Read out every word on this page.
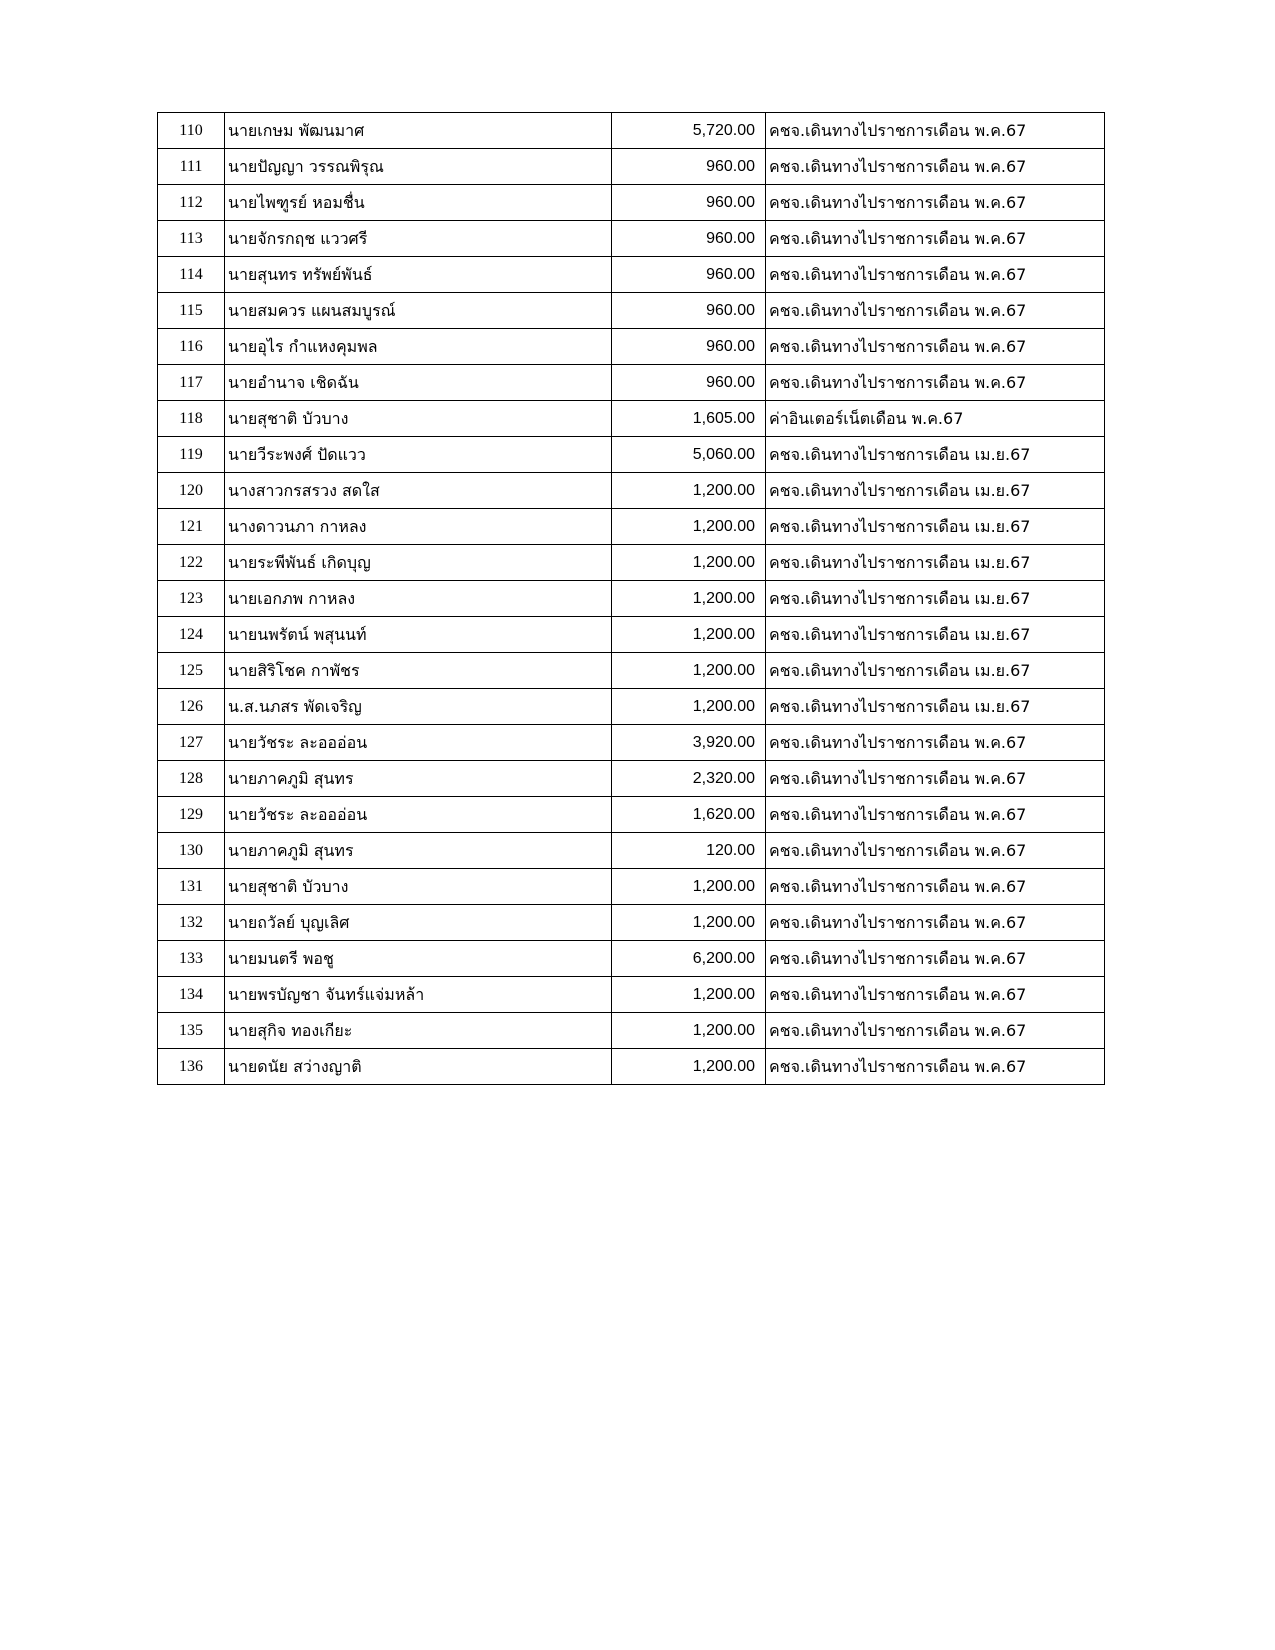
110	นายเกษม พัฒนมาศ	5,720.00	คชจ.เดินทางไปราชการเดือน พ.ค.67
111	นายปัญญา วรรณพิรุณ	960.00	คชจ.เดินทางไปราชการเดือน พ.ค.67
112	นายไพฑูรย์ หอมชื่น	960.00	คชจ.เดินทางไปราชการเดือน พ.ค.67
113	นายจักรกฤช แววศรี	960.00	คชจ.เดินทางไปราชการเดือน พ.ค.67
114	นายสุนทร ทรัพย์พันธ์	960.00	คชจ.เดินทางไปราชการเดือน พ.ค.67
115	นายสมควร แผนสมบูรณ์	960.00	คชจ.เดินทางไปราชการเดือน พ.ค.67
116	นายอุไร กำแหงคุมพล	960.00	คชจ.เดินทางไปราชการเดือน พ.ค.67
117	นายอำนาจ เชิดฉัน	960.00	คชจ.เดินทางไปราชการเดือน พ.ค.67
118	นายสุชาติ บัวบาง	1,605.00	ค่าอินเตอร์เน็ตเดือน พ.ค.67
119	นายวีระพงศ์ ปัดแวว	5,060.00	คชจ.เดินทางไปราชการเดือน เม.ย.67
120	นางสาวกรสรวง สดใส	1,200.00	คชจ.เดินทางไปราชการเดือน เม.ย.67
121	นางดาวนภา กาหลง	1,200.00	คชจ.เดินทางไปราชการเดือน เม.ย.67
122	นายระพีพันธ์ เกิดบุญ	1,200.00	คชจ.เดินทางไปราชการเดือน เม.ย.67
123	นายเอกภพ กาหลง	1,200.00	คชจ.เดินทางไปราชการเดือน เม.ย.67
124	นายนพรัตน์ พสุนนท์	1,200.00	คชจ.เดินทางไปราชการเดือน เม.ย.67
125	นายสิริโชค กาพัชร	1,200.00	คชจ.เดินทางไปราชการเดือน เม.ย.67
126	น.ส.นภสร พัดเจริญ	1,200.00	คชจ.เดินทางไปราชการเดือน เม.ย.67
127	นายวัชระ ละอออ่อน	3,920.00	คชจ.เดินทางไปราชการเดือน พ.ค.67
128	นายภาคภูมิ สุนทร	2,320.00	คชจ.เดินทางไปราชการเดือน พ.ค.67
129	นายวัชระ ละอออ่อน	1,620.00	คชจ.เดินทางไปราชการเดือน พ.ค.67
130	นายภาคภูมิ สุนทร	120.00	คชจ.เดินทางไปราชการเดือน พ.ค.67
131	นายสุชาติ บัวบาง	1,200.00	คชจ.เดินทางไปราชการเดือน พ.ค.67
132	นายถวัลย์ บุญเลิศ	1,200.00	คชจ.เดินทางไปราชการเดือน พ.ค.67
133	นายมนตรี พอชู	6,200.00	คชจ.เดินทางไปราชการเดือน พ.ค.67
134	นายพรบัญชา จันทร์แจ่มหล้า	1,200.00	คชจ.เดินทางไปราชการเดือน พ.ค.67
135	นายสุกิจ ทองเกียะ	1,200.00	คชจ.เดินทางไปราชการเดือน พ.ค.67
136	นายดนัย สว่างญาติ	1,200.00	คชจ.เดินทางไปราชการเดือน พ.ค.67
